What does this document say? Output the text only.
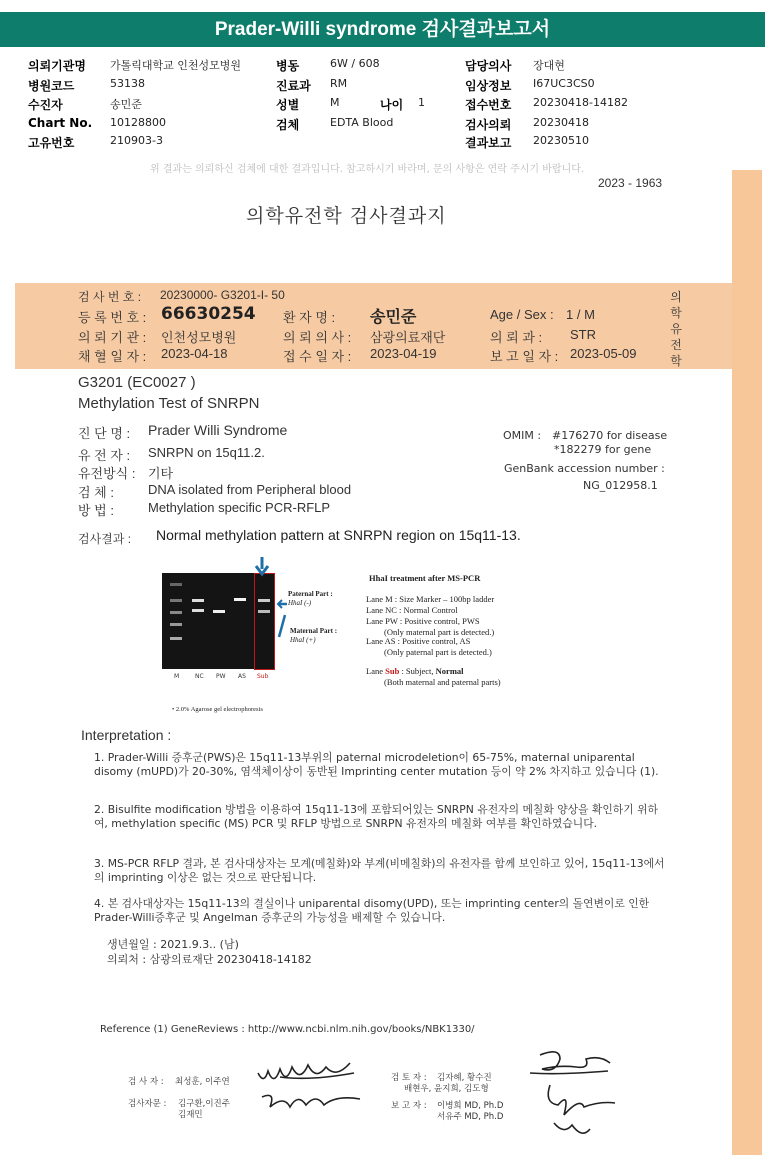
Prader-Willi syndrome 검사결과보고서
의뢰기관명 가톨릭대학교 인천성모병원
병원코드	53138
수진자	송민준
Chart No. 10128800
고유번호	210903-3
병동	6W / 608
진료과 RM
성별	M	나이 1
검체	EDTA Blood
담당의사 장대현
임상정보 I67UC3CS0
접수번호 20230418-14182
검사의뢰 20230418
결과보고 20230510
위 결과는 의뢰하신 검체에 대한 결과입니다. 참고하시기 바라며, 문의 사항은 연락 주시기 바랍니다.
2023 - 1963
의학유전학 검사결과지
의
학
유
전
학
검 사 번 호 : 20230000- G3201-I- 50
등 록 번 호 : 66630254 환 자 명 : 송민준	Age / Sex : 1 / M
의 뢰 기 관 : 인천성모병원	의 뢰 의 사 : 삼광의료재단	의 뢰 과 : STR
채 혈 일 자 : 2023-04-18	접 수 일 자 : 2023-04-19	보 고 일 자 : 2023-05-09
G3201 (EC0027 )
Methylation Test of SNRPN
진 단 명 : Prader Willi Syndrome
유 전 자 : SNRPN on 15q11.2.
유전방식 : 기타
검 체 :	DNA isolated from Peripheral blood
방 법 :	Methylation specific PCR-RFLP
OMIM : #176270 for disease
*182279 for gene
GenBank accession number :
NG_012958.1
검사결과 : Normal methylation pattern at SNRPN region on 15q11-13.
M	NC PW AS Sub
Paternal Part :
HhaI (-)
Maternal Part :
HhaI (+)
• 2.0% Agarose gel electrophoresis
HhaI treatment after MS-PCR
Lane M : Size Marker – 100bp ladder
Lane NC : Normal Control
Lane PW : Positive control, PWS
(Only maternal part is detected.)
Lane AS : Positive control, AS
(Only paternal part is detected.)
Lane Sub : Subject, Normal
(Both maternal and paternal parts)
Interpretation :
1. Prader-Willi 증후군(PWS)은 15q11-13부위의 paternal microdeletion이 65-75%, maternal uniparental disomy (mUPD)가 20-30%, 염색체이상이 동반된 Imprinting center mutation 등이 약 2% 차지하고 있습니다 (1).
2. Bisulfite modification 방법을 이용하여 15q11-13에 포함되어있는 SNRPN 유전자의 메칠화 양상을 확인하기 위하여, methylation specific (MS) PCR 및 RFLP 방법으로 SNRPN 유전자의 메칠화 여부를 확인하였습니다.
3. MS-PCR RFLP 결과, 본 검사대상자는 모계(메칠화)와 부계(비메칠화)의 유전자를 함께 보인하고 있어, 15q11-13에서의 imprinting 이상은 없는 것으로 판단됩니다.
4. 본 검사대상자는 15q11-13의 결실이나 uniparental disomy(UPD), 또는 imprinting center의 돌연변이로 인한 Prader-Willi증후군 및 Angelman 증후군의 가능성을 배제할 수 있습니다.
생년월일 : 2021.9.3.. (남)
의뢰처 : 삼광의료재단 20230418-14182
Reference (1) GeneReviews : http://www.ncbi.nlm.nih.gov/books/NBK1330/
검 사 자 : 최성훈, 이주연
검사자문 : 김구환,이진주
김재민
검 토 자 : 김자혜, 황수진
배현우, 윤지희, 김도형
보 고 자 : 이병희 MD, Ph.D
서유주 MD, Ph.D
